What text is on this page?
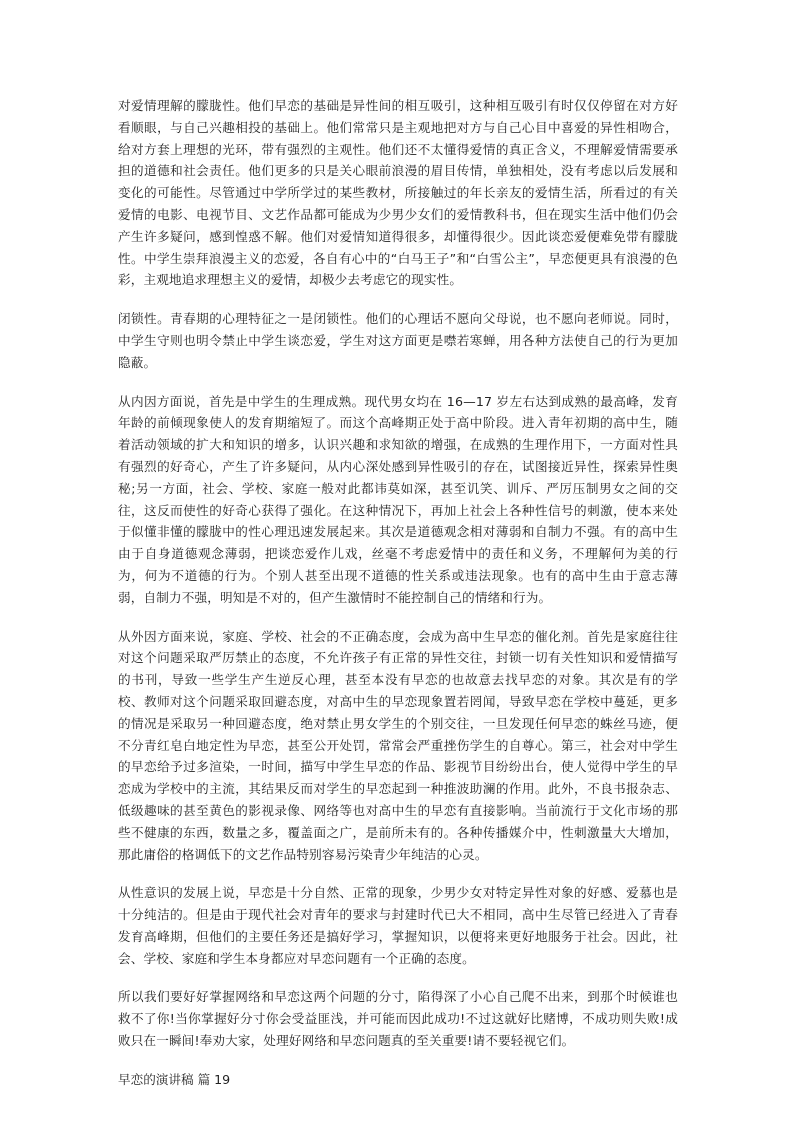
对爱情理解的朦胧性。他们早恋的基础是异性间的相互吸引，这种相互吸引有时仅仅停留在对方好看顺眼，与自己兴趣相投的基础上。他们常常只是主观地把对方与自己心目中喜爱的异性相吻合，给对方套上理想的光环，带有强烈的主观性。他们还不太懂得爱情的真正含义，不理解爱情需要承担的道德和社会责任。他们更多的只是关心眼前浪漫的眉目传情，单独相处，没有考虑以后发展和变化的可能性。尽管通过中学所学过的某些教材，所接触过的年长亲友的爱情生活，所看过的有关爱情的电影、电视节目、文艺作品都可能成为少男少女们的爱情教科书，但在现实生活中他们仍会产生许多疑问，感到惶惑不解。他们对爱情知道得很多，却懂得很少。因此谈恋爱便难免带有朦胧性。中学生崇拜浪漫主义的恋爱，各自有心中的“白马王子”和“白雪公主”，早恋便更具有浪漫的色彩，主观地追求理想主义的爱情，却极少去考虑它的现实性。

闭锁性。青春期的心理特征之一是闭锁性。他们的心理话不愿向父母说，也不愿向老师说。同时，中学生守则也明令禁止中学生谈恋爱，学生对这方面更是噤若寒蝉，用各种方法使自己的行为更加隐蔽。

从内因方面说，首先是中学生的生理成熟。现代男女均在 16—17 岁左右达到成熟的最高峰，发育年龄的前倾现象使人的发育期缩短了。而这个高峰期正处于高中阶段。进入青年初期的高中生，随着活动领域的扩大和知识的增多，认识兴趣和求知欲的增强，在成熟的生理作用下，一方面对性具有强烈的好奇心，产生了许多疑问，从内心深处感到异性吸引的存在，试图接近异性，探索异性奥秘;另一方面，社会、学校、家庭一般对此都讳莫如深，甚至讥笑、训斥、严厉压制男女之间的交往，这反而使性的好奇心获得了强化。在这种情况下，再加上社会上各种性信号的刺激，使本来处于似懂非懂的朦胧中的性心理迅速发展起来。其次是道德观念相对薄弱和自制力不强。有的高中生由于自身道德观念薄弱，把谈恋爱作儿戏，丝毫不考虑爱情中的责任和义务，不理解何为美的行为，何为不道德的行为。个别人甚至出现不道德的性关系或违法现象。也有的高中生由于意志薄弱，自制力不强，明知是不对的，但产生激情时不能控制自己的情绪和行为。

从外因方面来说，家庭、学校、社会的不正确态度，会成为高中生早恋的催化剂。首先是家庭往往对这个问题采取严厉禁止的态度，不允许孩子有正常的异性交往，封锁一切有关性知识和爱情描写的书刊，导致一些学生产生逆反心理，甚至本没有早恋的也故意去找早恋的对象。其次是有的学校、教师对这个问题采取回避态度，对高中生的早恋现象置若罔闻，导致早恋在学校中蔓延，更多的情况是采取另一种回避态度，绝对禁止男女学生的个别交往，一旦发现任何早恋的蛛丝马迹，便不分青红皂白地定性为早恋，甚至公开处罚，常常会严重挫伤学生的自尊心。第三，社会对中学生的早恋给予过多渲染，一时间，描写中学生早恋的作品、影视节目纷纷出台，使人觉得中学生的早恋成为学校中的主流，其结果反而对学生的早恋起到一种推波助澜的作用。此外，不良书报杂志、低级趣味的甚至黄色的影视录像、网络等也对高中生的早恋有直接影响。当前流行于文化市场的那些不健康的东西，数量之多，覆盖面之广，是前所未有的。各种传播媒介中，性刺激量大大增加，那此庸俗的格调低下的文艺作品特别容易污染青少年纯洁的心灵。

从性意识的发展上说，早恋是十分自然、正常的现象，少男少女对特定异性对象的好感、爱慕也是十分纯洁的。但是由于现代社会对青年的要求与封建时代已大不相同，高中生尽管已经进入了青春发育高峰期，但他们的主要任务还是搞好学习，掌握知识，以便将来更好地服务于社会。因此，社会、学校、家庭和学生本身都应对早恋问题有一个正确的态度。

所以我们要好好掌握网络和早恋这两个问题的分寸，陷得深了小心自己爬不出来，到那个时候谁也救不了你!当你掌握好分寸你会受益匪浅，并可能而因此成功!不过这就好比赌博，不成功则失败!成败只在一瞬间!奉劝大家，处理好网络和早恋问题真的至关重要!请不要轻视它们。

早恋的演讲稿 篇 19
